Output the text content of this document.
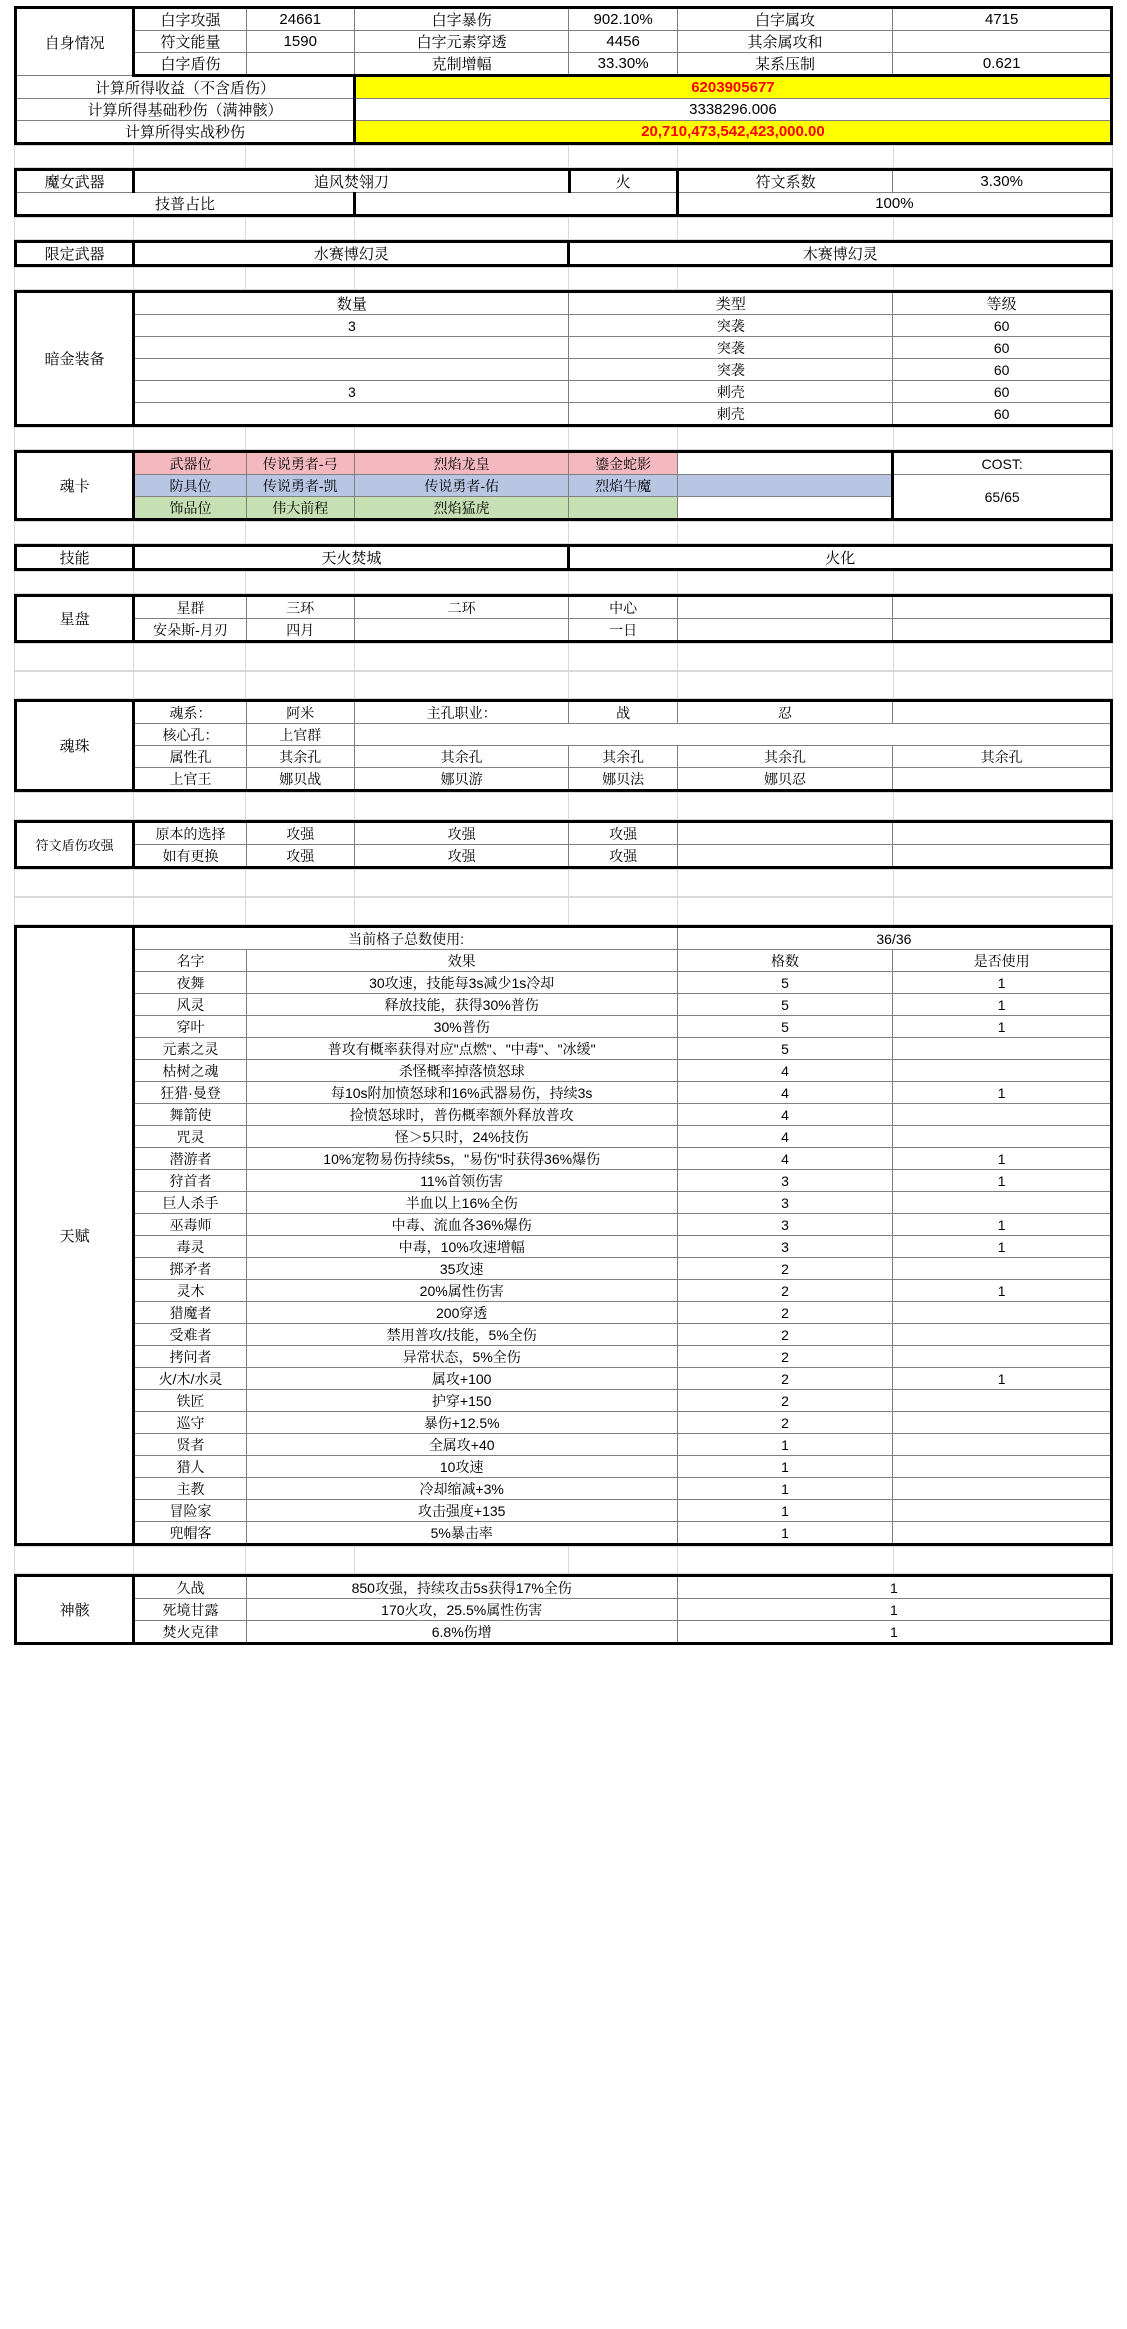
自身情况	白字攻强	24661	白字暴伤	902.10%	白字属攻	4715
	符文能量	1590	白字元素穿透	4456	其余属攻和	
	白字盾伤		克制增幅	33.30%	某系压制	0.621
计算所得收益（不含盾伤）			6203905677			
计算所得基础秒伤（满神骸）			3338296.006			
计算所得实战秒伤			20,710,473,542,423,000.00			

魔女武器	追风焚翎刀		火	符文系数	3.30%
技普占比				100%	

限定武器	水赛博幻灵	木赛博幻灵

暗金装备	数量	类型	等级
	3	突袭	60
		突袭	60
		突袭	60
	3	刺壳	60
		刺壳	60

魂卡	武器位	传说勇者-弓	烈焰龙皇	鎏金蛇影		COST:
	防具位	传说勇者-凯	传说勇者-佑	烈焰牛魔		65/65
	饰品位	伟大前程	烈焰猛虎			

技能	天火焚城	火化

星盘	星群	三环	二环	中心		
	安朵斯-月刃	四月		一日		

魂珠	魂系：	阿米	主孔职业：	战	忍	
	核心孔：	上官群				
	属性孔	其余孔	其余孔	其余孔	其余孔	其余孔
	上官王	娜贝战	娜贝游	娜贝法	娜贝忍	

符文盾伤攻强	原本的选择	攻强	攻强	攻强		
	如有更换	攻强	攻强	攻强		

天赋	当前格子总数使用:		36/36	
	名字	效果	格数	是否使用
	夜舞	30攻速，技能每3s减少1s冷却	5	1
	风灵	释放技能，获得30%普伤	5	1
	穿叶	30%普伤	5	1
	元素之灵	普攻有概率获得对应"点燃"、"中毒"、"冰缓"	5	
	枯树之魂	杀怪概率掉落愤怒球	4	
	狂猎·曼登	每10s附加愤怒球和16%武器易伤，持续3s	4	1
	舞箭使	捡愤怒球时，普伤概率额外释放普攻	4	
	咒灵	怪＞5只时，24%技伤	4	
	潜游者	10%宠物易伤持续5s，"易伤"时获得36%爆伤	4	1
	狩首者	11%首领伤害	3	1
	巨人杀手	半血以上16%全伤	3	
	巫毒师	中毒、流血各36%爆伤	3	1
	毒灵	中毒，10%攻速增幅	3	1
	掷矛者	35攻速	2	
	灵木	20%属性伤害	2	1
	猎魔者	200穿透	2	
	受难者	禁用普攻/技能，5%全伤	2	
	拷问者	异常状态，5%全伤	2	
	火/木/水灵	属攻+100	2	1
	铁匠	护穿+150	2	
	巡守	暴伤+12.5%	2	
	贤者	全属攻+40	1	
	猎人	10攻速	1	
	主教	冷却缩减+3%	1	
	冒险家	攻击强度+135	1	
	兜帽客	5%暴击率	1	

神骸	久战	850攻强，持续攻击5s获得17%全伤	1
	死境甘露	170火攻，25.5%属性伤害	1
	焚火克律	6.8%伤增	1
